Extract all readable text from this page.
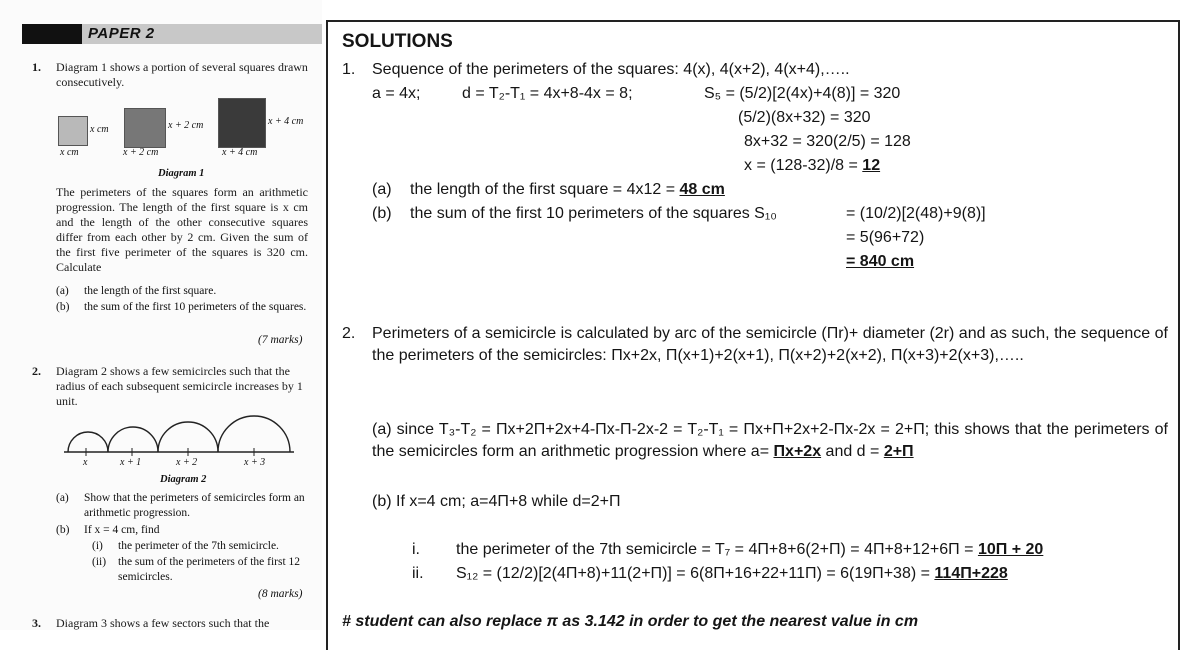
PAPER 2
1. Diagram 1 shows a portion of several squares drawn consecutively.
x cm
x cm
x + 2 cm
x + 2 cm
x + 4 cm
x + 4 cm
Diagram 1
The perimeters of the squares form an arithmetic progression. The length of the first square is x cm and the length of the other consecutive squares differ from each other by 2 cm. Given the sum of the first five perimeter of the squares is 320 cm. Calculate
(a) the length of the first square.
(b) the sum of the first 10 perimeters of the squares.
(7 marks)
2. Diagram 2 shows a few semicircles such that the radius of each subsequent semicircle increases by 1 unit.
x	x + 1	x + 2	x + 3
Diagram 2
(a) Show that the perimeters of semicircles form an arithmetic progression.
(b) If x = 4 cm, find
(i) the perimeter of the 7th semicircle.
(ii) the sum of the perimeters of the first 12 semicircles.
(8 marks)
3. Diagram 3 shows a few sectors such that the
SOLUTIONS
1. Sequence of the perimeters of the squares: 4(x), 4(x+2), 4(x+4),…..
a = 4x;	d = T₂-T₁ = 4x+8-4x = 8;	S₅ = (5/2)[2(4x)+4(8)] = 320
(5/2)(8x+32) = 320
8x+32 = 320(2/5) = 128
x = (128-32)/8 = 12
(a) the length of the first square = 4x12 = 48 cm
(b) the sum of the first 10 perimeters of the squares S₁₀	= (10/2)[2(48)+9(8)]
= 5(96+72)
= 840 cm
2. Perimeters of a semicircle is calculated by arc of the semicircle (Πr)+ diameter (2r) and as such, the sequence of the perimeters of the semicircles: Πx+2x, Π(x+1)+2(x+1), Π(x+2)+2(x+2), Π(x+3)+2(x+3),…..
(a) since T₃-T₂ = Πx+2Π+2x+4-Πx-Π-2x-2 = T₂-T₁ = Πx+Π+2x+2-Πx-2x = 2+Π; this shows that the perimeters of the semicircles form an arithmetic progression where a= Πx+2x and d = 2+Π
(b) If x=4 cm; a=4Π+8 while d=2+Π
i. the perimeter of the 7th semicircle = T₇ = 4Π+8+6(2+Π) = 4Π+8+12+6Π = 10Π + 20
ii. S₁₂ = (12/2)[2(4Π+8)+11(2+Π)] = 6(8Π+16+22+11Π) = 6(19Π+38) = 114Π+228
# student can also replace π as 3.142 in order to get the nearest value in cm
